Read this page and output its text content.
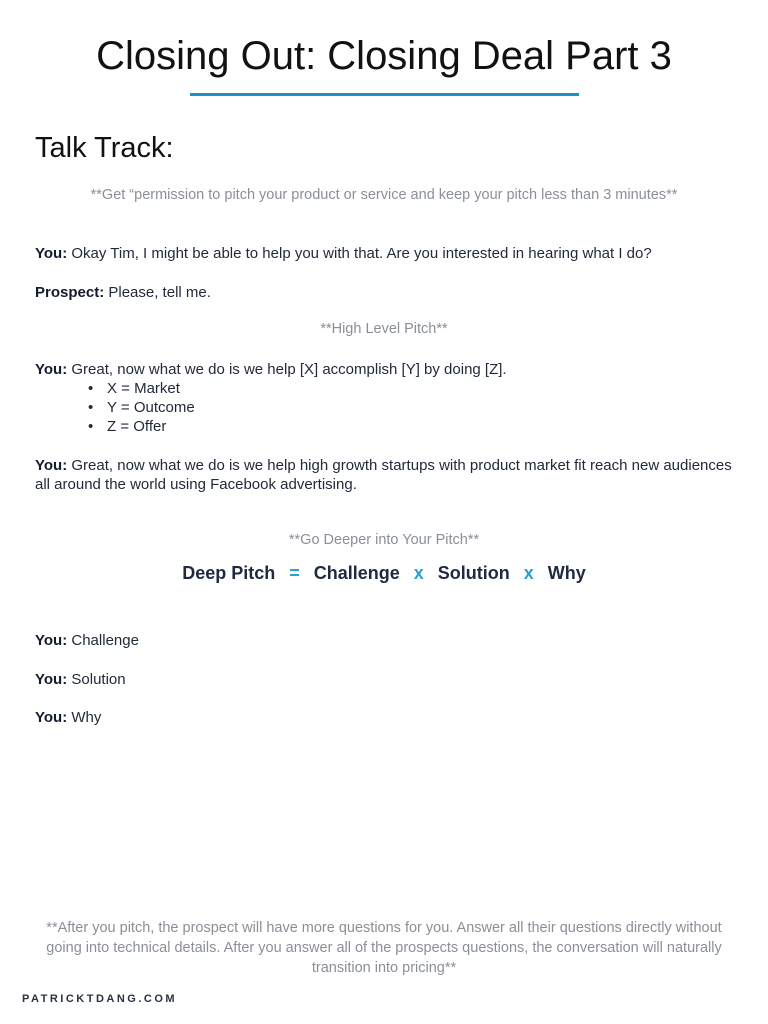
Closing Out: Closing Deal Part 3
Talk Track:
**Get “permission to pitch your product or service and keep your pitch less than 3 minutes**
You: Okay Tim, I might be able to help you with that. Are you interested in hearing what I do?
Prospect: Please, tell me.
**High Level Pitch**
You: Great, now what we do is we help [X] accomplish [Y] by doing [Z].
• X = Market
• Y = Outcome
• Z = Offer
You: Great, now what we do is we help high growth startups with product market fit reach new audiences all around the world using Facebook advertising.
**Go Deeper into Your Pitch**
Deep Pitch = Challenge x Solution x Why
You: Challenge
You: Solution
You: Why
**After you pitch, the prospect will have more questions for you. Answer all their questions directly without going into technical details. After you answer all of the prospects questions, the conversation will naturally transition into pricing**
PATRICKTDANG.COM
